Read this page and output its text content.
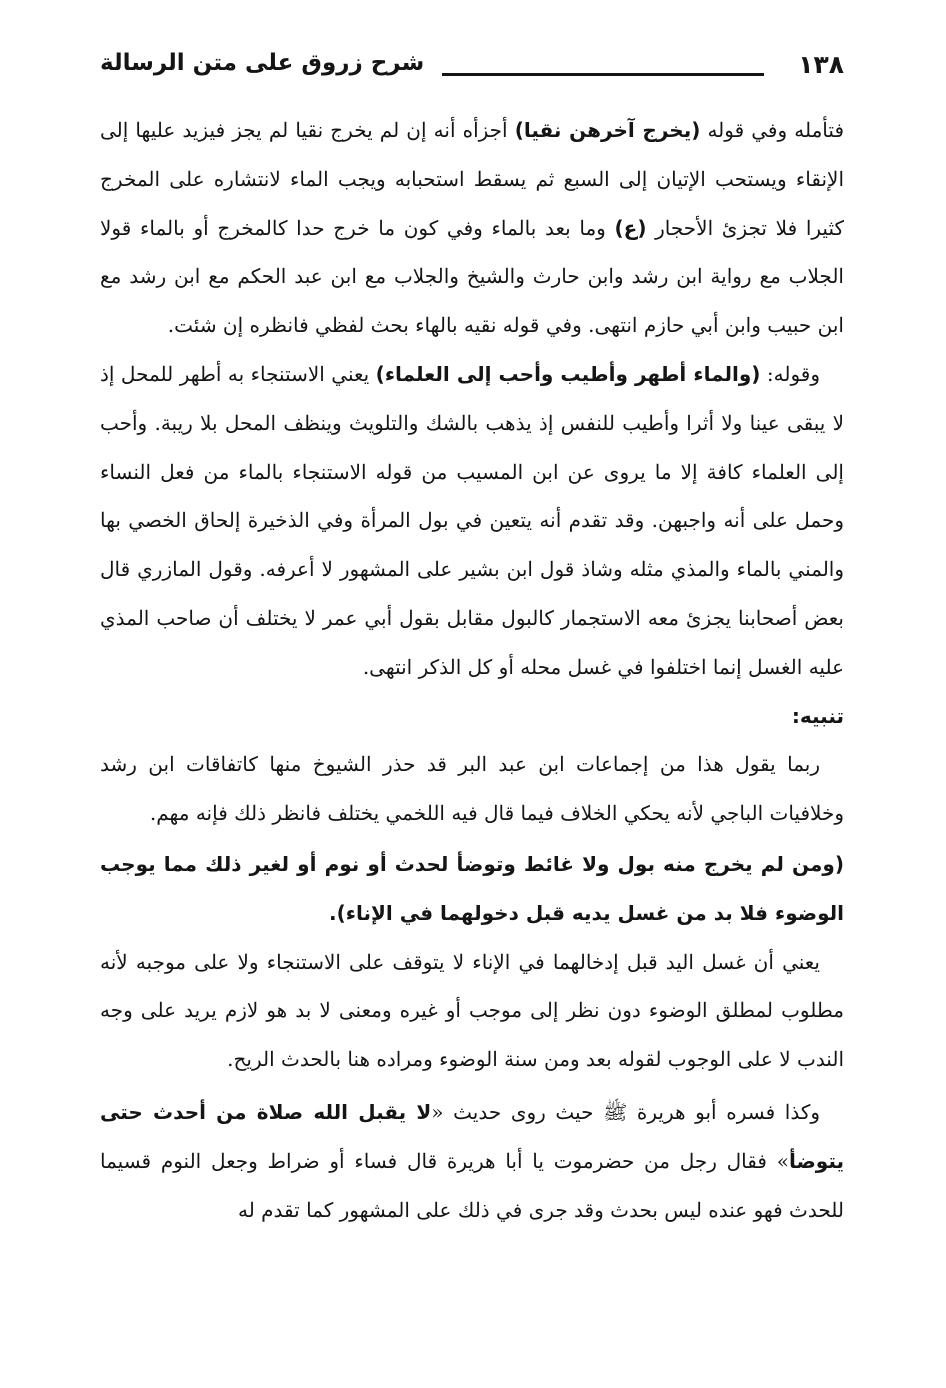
١٣٨
شرح زروق على متن الرسالة

فتأمله وفي قوله (يخرج آخرهن نقيا) أجزأه أنه إن لم يخرج نقيا لم يجز فيزيد عليها إلى الإنقاء ويستحب الإتيان إلى السبع ثم يسقط استحبابه ويجب الماء لانتشاره على المخرج كثيرا فلا تجزئ الأحجار (ع) وما بعد بالماء وفي كون ما خرج حدا كالمخرج أو بالماء قولا الجلاب مع رواية ابن رشد وابن حارث والشيخ والجلاب مع ابن عبد الحكم مع ابن رشد مع ابن حبيب وابن أبي حازم انتهى. وفي قوله نقيه بالهاء بحث لفظي فانظره إن شئت.

وقوله: (والماء أطهر وأطيب وأحب إلى العلماء) يعني الاستنجاء به أطهر للمحل إذ لا يبقى عينا ولا أثرا وأطيب للنفس إذ يذهب بالشك والتلويث وينظف المحل بلا ريبة. وأحب إلى العلماء كافة إلا ما يروى عن ابن المسيب من قوله الاستنجاء بالماء من فعل النساء وحمل على أنه واجبهن. وقد تقدم أنه يتعين في بول المرأة وفي الذخيرة إلحاق الخصي بها والمني بالماء والمذي مثله وشاذ قول ابن بشير على المشهور لا أعرفه. وقول المازري قال بعض أصحابنا يجزئ معه الاستجمار كالبول مقابل بقول أبي عمر لا يختلف أن صاحب المذي عليه الغسل إنما اختلفوا في غسل محله أو كل الذكر انتهى.

تنبيه:

ربما يقول هذا من إجماعات ابن عبد البر قد حذر الشيوخ منها كاتفاقات ابن رشد وخلافيات الباجي لأنه يحكي الخلاف فيما قال فيه اللخمي يختلف فانظر ذلك فإنه مهم.

(ومن لم يخرج منه بول ولا غائط وتوضأ لحدث أو نوم أو لغير ذلك مما يوجب الوضوء فلا بد من غسل يديه قبل دخولهما في الإناء).

يعني أن غسل اليد قبل إدخالهما في الإناء لا يتوقف على الاستنجاء ولا على موجبه لأنه مطلوب لمطلق الوضوء دون نظر إلى موجب أو غيره ومعنى لا بد هو لازم يريد على وجه الندب لا على الوجوب لقوله بعد ومن سنة الوضوء ومراده هنا بالحدث الريح.

وكذا فسره أبو هريرة ﷺ حيث روى حديث «لا يقبل الله صلاة من أحدث حتى يتوضأ» فقال رجل من حضرموت يا أبا هريرة قال فساء أو ضراط وجعل النوم قسيما للحدث فهو عنده ليس بحدث وقد جرى في ذلك على المشهور كما تقدم له
